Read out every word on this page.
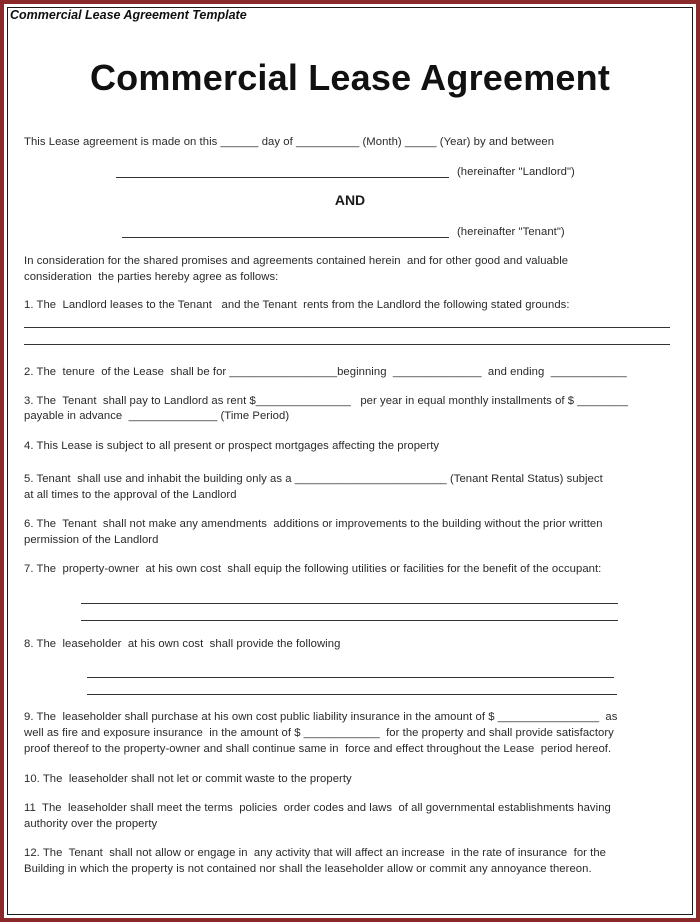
Commercial Lease Agreement Template
Commercial Lease Agreement
This Lease agreement is made on this ______ day of __________ (Month) _____ (Year) by and between
(hereinafter "Landlord")
AND
(hereinafter "Tenant")
In consideration for the shared promises and agreements contained herein  and for other good and valuable
consideration  the parties hereby agree as follows:
1. The  Landlord leases to the Tenant   and the Tenant  rents from the Landlord the following stated grounds:
2. The  tenure  of the Lease  shall be for _________________beginning  ______________  and ending  ____________
3. The  Tenant  shall pay to Landlord as rent $_______________   per year in equal monthly installments of $ ________
payable in advance  ______________ (Time Period)
4. This Lease is subject to all present or prospect mortgages affecting the property
5. Tenant  shall use and inhabit the building only as a ________________________ (Tenant Rental Status) subject
at all times to the approval of the Landlord
6. The  Tenant  shall not make any amendments  additions or improvements to the building without the prior written
permission of the Landlord
7. The  property-owner  at his own cost  shall equip the following utilities or facilities for the benefit of the occupant:
8. The  leaseholder  at his own cost  shall provide the following
9. The  leaseholder shall purchase at his own cost public liability insurance in the amount of $ ________________  as
well as fire and exposure insurance  in the amount of $ ____________  for the property and shall provide satisfactory
proof thereof to the property-owner and shall continue same in  force and effect throughout the Lease  period hereof.
10. The  leaseholder shall not let or commit waste to the property
11  The  leaseholder shall meet the terms  policies  order codes and laws  of all governmental establishments having
authority over the property
12. The  Tenant  shall not allow or engage in  any activity that will affect an increase  in the rate of insurance  for the
Building in which the property is not contained nor shall the leaseholder allow or commit any annoyance thereon.
